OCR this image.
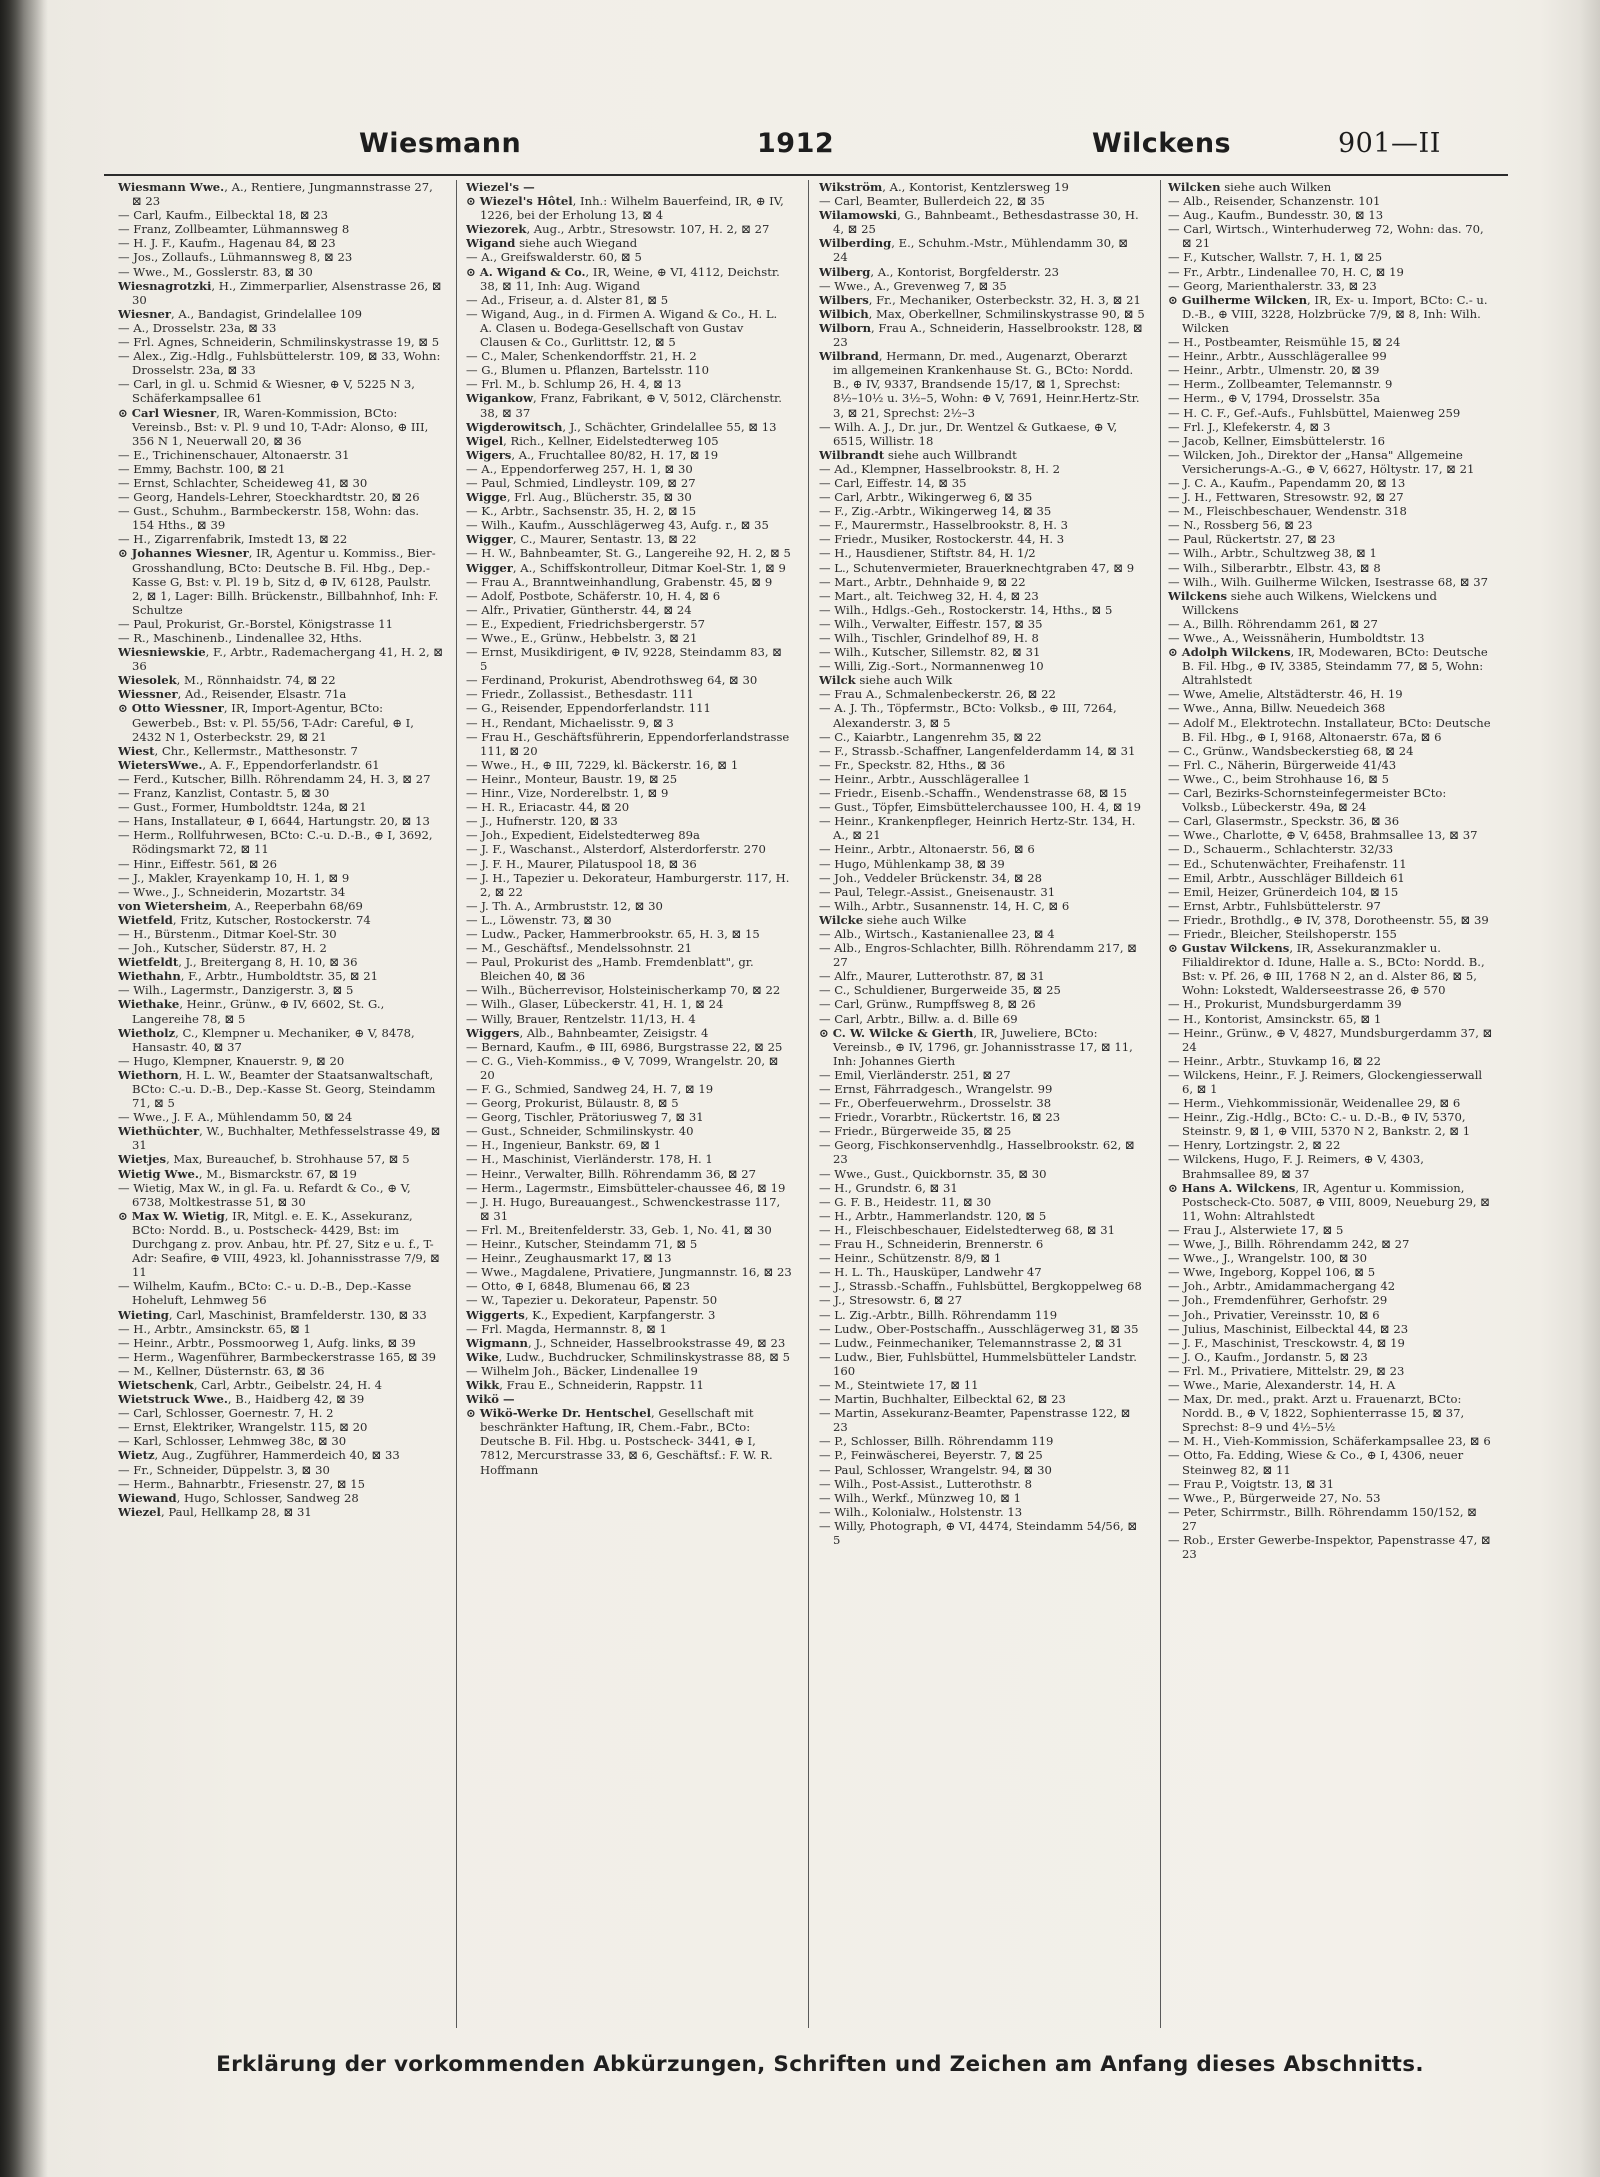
Wiesmann	1912	Wilckens	901—II

Wiesmann Wwe., A., Rentiere, Jungmannstrasse 27, ⊠ 23

— Carl, Kaufm., Eilbecktal 18, ⊠ 23

— Franz, Zollbeamter, Lühmannsweg 8

— H. J. F., Kaufm., Hagenau 84, ⊠ 23

— Jos., Zollaufs., Lühmannsweg 8, ⊠ 23

— Wwe., M., Gosslerstr. 83, ⊠ 30

Wiesnagrotzki, H., Zimmerparlier, Alsenstrasse 26, ⊠ 30

Wiesner, A., Bandagist, Grindelallee 109

— A., Drosselstr. 23a, ⊠ 33

— Frl. Agnes, Schneiderin, Schmilinskystrasse 19, ⊠ 5

— Alex., Zig.-Hdlg., Fuhlsbüttelerstr. 109, ⊠ 33, Wohn: Drosselstr. 23a, ⊠ 33

— Carl, in gl. u. Schmid & Wiesner, ⊕ V, 5225 N 3, Schäferkampsallee 61

⊙ Carl Wiesner, IR, Waren-Kommission, BCto: Vereinsb., Bst: v. Pl. 9 und 10, T-Adr: Alonso, ⊕ III, 356 N 1, Neuerwall 20, ⊠ 36

— E., Trichinenschauer, Altonaerstr. 31

— Emmy, Bachstr. 100, ⊠ 21

— Ernst, Schlachter, Scheideweg 41, ⊠ 30

— Georg, Handels-Lehrer, Stoeckhardtstr. 20, ⊠ 26

— Gust., Schuhm., Barmbeckerstr. 158, Wohn: das. 154 Hths., ⊠ 39

— H., Zigarrenfabrik, Imstedt 13, ⊠ 22

⊙ Johannes Wiesner, IR, Agentur u. Kommiss., Bier-Grosshandlung, BCto: Deutsche B. Fil. Hbg., Dep.-Kasse G, Bst: v. Pl. 19 b, Sitz d, ⊕ IV, 6128, Paulstr. 2, ⊠ 1, Lager: Billh. Brückenstr., Billbahnhof, Inh: F. Schultze

— Paul, Prokurist, Gr.-Borstel, Königstrasse 11

— R., Maschinenb., Lindenallee 32, Hths.

Wiesniewskie, F., Arbtr., Rademachergang 41, H. 2, ⊠ 36

Wiesolek, M., Rönnhaidstr. 74, ⊠ 22

Wiessner, Ad., Reisender, Elsastr. 71a

⊙ Otto Wiessner, IR, Import-Agentur, BCto: Gewerbeb., Bst: v. Pl. 55/56, T-Adr: Careful, ⊕ I, 2432 N 1, Osterbeckstr. 29, ⊠ 21

Wiest, Chr., Kellermstr., Matthesonstr. 7

WietersWwe., A. F., Eppendorferlandstr. 61

— Ferd., Kutscher, Billh. Röhrendamm 24, H. 3, ⊠ 27

— Franz, Kanzlist, Contastr. 5, ⊠ 30

— Gust., Former, Humboldtstr. 124a, ⊠ 21

— Hans, Installateur, ⊕ I, 6644, Hartungstr. 20, ⊠ 13

— Herm., Rollfuhrwesen, BCto: C.-u. D.-B., ⊕ I, 3692, Rödingsmarkt 72, ⊠ 11

— Hinr., Eiffestr. 561, ⊠ 26

— J., Makler, Krayenkamp 10, H. 1, ⊠ 9

— Wwe., J., Schneiderin, Mozartstr. 34

von Wietersheim, A., Reeperbahn 68/69

Wietfeld, Fritz, Kutscher, Rostockerstr. 74

— H., Bürstenm., Ditmar Koel-Str. 30

— Joh., Kutscher, Süderstr. 87, H. 2

Wietfeldt, J., Breitergang 8, H. 10, ⊠ 36

Wiethahn, F., Arbtr., Humboldtstr. 35, ⊠ 21

— Wilh., Lagermstr., Danzigerstr. 3, ⊠ 5

Wiethake, Heinr., Grünw., ⊕ IV, 6602, St. G., Langereihe 78, ⊠ 5

Wietholz, C., Klempner u. Mechaniker, ⊕ V, 8478, Hansastr. 40, ⊠ 37

— Hugo, Klempner, Knauerstr. 9, ⊠ 20

Wiethorn, H. L. W., Beamter der Staatsanwaltschaft, BCto: C.-u. D.-B., Dep.-Kasse St. Georg, Steindamm 71, ⊠ 5

— Wwe., J. F. A., Mühlendamm 50, ⊠ 24

Wiethüchter, W., Buchhalter, Methfesselstrasse 49, ⊠ 31

Wietjes, Max, Bureauchef, b. Strohhause 57, ⊠ 5

Wietig Wwe., M., Bismarckstr. 67, ⊠ 19

— Wietig, Max W., in gl. Fa. u. Refardt & Co., ⊕ V, 6738, Moltkestrasse 51, ⊠ 30

⊙ Max W. Wietig, IR, Mitgl. e. E. K., Assekuranz, BCto: Nordd. B., u. Postscheck- 4429, Bst: im Durchgang z. prov. Anbau, htr. Pf. 27, Sitz e u. f., T-Adr: Seafire, ⊕ VIII, 4923, kl. Johannisstrasse 7/9, ⊠ 11

— Wilhelm, Kaufm., BCto: C.- u. D.-B., Dep.-Kasse Hoheluft, Lehmweg 56

Wieting, Carl, Maschinist, Bramfelderstr. 130, ⊠ 33

— H., Arbtr., Amsinckstr. 65, ⊠ 1

— Heinr., Arbtr., Possmoorweg 1, Aufg. links, ⊠ 39

— Herm., Wagenführer, Barmbeckerstrasse 165, ⊠ 39

— M., Kellner, Düsternstr. 63, ⊠ 36

Wietschenk, Carl, Arbtr., Geibelstr. 24, H. 4

Wietstruck Wwe., B., Haidberg 42, ⊠ 39

— Carl, Schlosser, Goernestr. 7, H. 2

— Ernst, Elektriker, Wrangelstr. 115, ⊠ 20

— Karl, Schlosser, Lehmweg 38c, ⊠ 30

Wietz, Aug., Zugführer, Hammerdeich 40, ⊠ 33

— Fr., Schneider, Düppelstr. 3, ⊠ 30

— Herm., Bahnarbtr., Friesenstr. 27, ⊠ 15

Wiewand, Hugo, Schlosser, Sandweg 28

Wiezel, Paul, Hellkamp 28, ⊠ 31

Wiezel's —

⊙ Wiezel's Hôtel, Inh.: Wilhelm Bauerfeind, IR, ⊕ IV, 1226, bei der Erholung 13, ⊠ 4

Wiezorek, Aug., Arbtr., Stresowstr. 107, H. 2, ⊠ 27

Wigand siehe auch Wiegand

— A., Greifswalderstr. 60, ⊠ 5

⊙ A. Wigand & Co., IR, Weine, ⊕ VI, 4112, Deichstr. 38, ⊠ 11, Inh: Aug. Wigand

— Ad., Friseur, a. d. Alster 81, ⊠ 5

— Wigand, Aug., in d. Firmen A. Wigand & Co., H. L. A. Clasen u. Bodega-Gesellschaft von Gustav Clausen & Co., Gurlittstr. 12, ⊠ 5

— C., Maler, Schenkendorffstr. 21, H. 2

— G., Blumen u. Pflanzen, Bartelsstr. 110

— Frl. M., b. Schlump 26, H. 4, ⊠ 13

Wigankow, Franz, Fabrikant, ⊕ V, 5012, Clärchenstr. 38, ⊠ 37

Wigderowitsch, J., Schächter, Grindelallee 55, ⊠ 13

Wigel, Rich., Kellner, Eidelstedterweg 105

Wigers, A., Fruchtallee 80/82, H. 17, ⊠ 19

— A., Eppendorferweg 257, H. 1, ⊠ 30

— Paul, Schmied, Lindleystr. 109, ⊠ 27

Wigge, Frl. Aug., Blücherstr. 35, ⊠ 30

— K., Arbtr., Sachsenstr. 35, H. 2, ⊠ 15

— Wilh., Kaufm., Ausschlägerweg 43, Aufg. r., ⊠ 35

Wigger, C., Maurer, Sentastr. 13, ⊠ 22

— H. W., Bahnbeamter, St. G., Langereihe 92, H. 2, ⊠ 5

Wigger, A., Schiffskontrolleur, Ditmar Koel-Str. 1, ⊠ 9

— Frau A., Branntweinhandlung, Grabenstr. 45, ⊠ 9

— Adolf, Postbote, Schäferstr. 10, H. 4, ⊠ 6

— Alfr., Privatier, Güntherstr. 44, ⊠ 24

— E., Expedient, Friedrichsbergerstr. 57

— Wwe., E., Grünw., Hebbelstr. 3, ⊠ 21

— Ernst, Musikdirigent, ⊕ IV, 9228, Steindamm 83, ⊠ 5

— Ferdinand, Prokurist, Abendrothsweg 64, ⊠ 30

— Friedr., Zollassist., Bethesdastr. 111

— G., Reisender, Eppendorferlandstr. 111

— H., Rendant, Michaelisstr. 9, ⊠ 3

— Frau H., Geschäftsführerin, Eppendorferlandstrasse 111, ⊠ 20

— Wwe., H., ⊕ III, 7229, kl. Bäckerstr. 16, ⊠ 1

— Heinr., Monteur, Baustr. 19, ⊠ 25

— Hinr., Vize, Norderelbstr. 1, ⊠ 9

— H. R., Eriacastr. 44, ⊠ 20

— J., Hufnerstr. 120, ⊠ 33

— Joh., Expedient, Eidelstedterweg 89a

— J. F., Waschanst., Alsterdorf, Alsterdorferstr. 270

— J. F. H., Maurer, Pilatuspool 18, ⊠ 36

— J. H., Tapezier u. Dekorateur, Hamburgerstr. 117, H. 2, ⊠ 22

— J. Th. A., Armbruststr. 12, ⊠ 30

— L., Löwenstr. 73, ⊠ 30

— Ludw., Packer, Hammerbrookstr. 65, H. 3, ⊠ 15

— M., Geschäftsf., Mendelssohnstr. 21

— Paul, Prokurist des „Hamb. Fremdenblatt", gr. Bleichen 40, ⊠ 36

— Wilh., Bücherrevisor, Holsteinischerkamp 70, ⊠ 22

— Wilh., Glaser, Lübeckerstr. 41, H. 1, ⊠ 24

— Willy, Brauer, Rentzelstr. 11/13, H. 4

Wiggers, Alb., Bahnbeamter, Zeisigstr. 4

— Bernard, Kaufm., ⊕ III, 6986, Burgstrasse 22, ⊠ 25

— C. G., Vieh-Kommiss., ⊕ V, 7099, Wrangelstr. 20, ⊠ 20

— F. G., Schmied, Sandweg 24, H. 7, ⊠ 19

— Georg, Prokurist, Bülaustr. 8, ⊠ 5

— Georg, Tischler, Prätoriusweg 7, ⊠ 31

— Gust., Schneider, Schmilinskystr. 40

— H., Ingenieur, Bankstr. 69, ⊠ 1

— H., Maschinist, Vierländerstr. 178, H. 1

— Heinr., Verwalter, Billh. Röhrendamm 36, ⊠ 27

— Herm., Lagermstr., Eimsbütteler-chaussee 46, ⊠ 19

— J. H. Hugo, Bureauangest., Schwenckestrasse 117, ⊠ 31

— Frl. M., Breitenfelderstr. 33, Geb. 1, No. 41, ⊠ 30

— Heinr., Kutscher, Steindamm 71, ⊠ 5

— Heinr., Zeughausmarkt 17, ⊠ 13

— Wwe., Magdalene, Privatiere, Jungmannstr. 16, ⊠ 23

— Otto, ⊕ I, 6848, Blumenau 66, ⊠ 23

— W., Tapezier u. Dekorateur, Papenstr. 50

Wiggerts, K., Expedient, Karpfangerstr. 3

— Frl. Magda, Hermannstr. 8, ⊠ 1

Wigmann, J., Schneider, Hasselbrookstrasse 49, ⊠ 23

Wike, Ludw., Buchdrucker, Schmilinskystrasse 88, ⊠ 5

— Wilhelm Joh., Bäcker, Lindenallee 19

Wikk, Frau E., Schneiderin, Rappstr. 11

Wikö —

⊙ Wikö-Werke Dr. Hentschel, Gesellschaft mit beschränkter Haftung, IR, Chem.-Fabr., BCto: Deutsche B. Fil. Hbg. u. Postscheck- 3441, ⊕ I, 7812, Mercurstrasse 33, ⊠ 6, Geschäftsf.: F. W. R. Hoffmann

Wikström, A., Kontorist, Kentzlersweg 19

— Carl, Beamter, Bullerdeich 22, ⊠ 35

Wilamowski, G., Bahnbeamt., Bethesdastrasse 30, H. 4, ⊠ 25

Wilberding, E., Schuhm.-Mstr., Mühlendamm 30, ⊠ 24

Wilberg, A., Kontorist, Borgfelderstr. 23

— Wwe., A., Grevenweg 7, ⊠ 35

Wilbers, Fr., Mechaniker, Osterbeckstr. 32, H. 3, ⊠ 21

Wilbich, Max, Oberkellner, Schmilinskystrasse 90, ⊠ 5

Wilborn, Frau A., Schneiderin, Hasselbrookstr. 128, ⊠ 23

Wilbrand, Hermann, Dr. med., Augenarzt, Oberarzt im allgemeinen Krankenhause St. G., BCto: Nordd. B., ⊕ IV, 9337, Brandsende 15/17, ⊠ 1, Sprechst: 8½–10½ u. 3½–5, Wohn: ⊕ V, 7691, Heinr.Hertz-Str. 3, ⊠ 21, Sprechst: 2½–3

— Wilh. A. J., Dr. jur., Dr. Wentzel & Gutkaese, ⊕ V, 6515, Willistr. 18

Wilbrandt siehe auch Willbrandt

— Ad., Klempner, Hasselbrookstr. 8, H. 2

— Carl, Eiffestr. 14, ⊠ 35

— Carl, Arbtr., Wikingerweg 6, ⊠ 35

— F., Zig.-Arbtr., Wikingerweg 14, ⊠ 35

— F., Maurermstr., Hasselbrookstr. 8, H. 3

— Friedr., Musiker, Rostockerstr. 44, H. 3

— H., Hausdiener, Stiftstr. 84, H. 1/2

— L., Schutenvermieter, Brauerknechtgraben 47, ⊠ 9

— Mart., Arbtr., Dehnhaide 9, ⊠ 22

— Mart., alt. Teichweg 32, H. 4, ⊠ 23

— Wilh., Hdlgs.-Geh., Rostockerstr. 14, Hths., ⊠ 5

— Wilh., Verwalter, Eiffestr. 157, ⊠ 35

— Wilh., Tischler, Grindelhof 89, H. 8

— Wilh., Kutscher, Sillemstr. 82, ⊠ 31

— Willi, Zig.-Sort., Normannenweg 10

Wilck siehe auch Wilk

— Frau A., Schmalenbeckerstr. 26, ⊠ 22

— A. J. Th., Töpfermstr., BCto: Volksb., ⊕ III, 7264, Alexanderstr. 3, ⊠ 5

— C., Kaiarbtr., Langenrehm 35, ⊠ 22

— F., Strassb.-Schaffner, Langenfelderdamm 14, ⊠ 31

— Fr., Speckstr. 82, Hths., ⊠ 36

— Heinr., Arbtr., Ausschlägerallee 1

— Friedr., Eisenb.-Schaffn., Wendenstrasse 68, ⊠ 15

— Gust., Töpfer, Eimsbüttelerchaussee 100, H. 4, ⊠ 19

— Heinr., Krankenpfleger, Heinrich Hertz-Str. 134, H. A., ⊠ 21

— Heinr., Arbtr., Altonaerstr. 56, ⊠ 6

— Hugo, Mühlenkamp 38, ⊠ 39

— Joh., Veddeler Brückenstr. 34, ⊠ 28

— Paul, Telegr.-Assist., Gneisenaustr. 31

— Wilh., Arbtr., Susannenstr. 14, H. C, ⊠ 6

Wilcke siehe auch Wilke

— Alb., Wirtsch., Kastanienallee 23, ⊠ 4

— Alb., Engros-Schlachter, Billh. Röhrendamm 217, ⊠ 27

— Alfr., Maurer, Lutterothstr. 87, ⊠ 31

— C., Schuldiener, Burgerweide 35, ⊠ 25

— Carl, Grünw., Rumpffsweg 8, ⊠ 26

— Carl, Arbtr., Billw. a. d. Bille 69

⊙ C. W. Wilcke & Gierth, IR, Juweliere, BCto: Vereinsb., ⊕ IV, 1796, gr. Johannisstrasse 17, ⊠ 11, Inh: Johannes Gierth

— Emil, Vierländerstr. 251, ⊠ 27

— Ernst, Fährradgesch., Wrangelstr. 99

— Fr., Oberfeuerwehrm., Drosselstr. 38

— Friedr., Vorarbtr., Rückertstr. 16, ⊠ 23

— Friedr., Bürgerweide 35, ⊠ 25

— Georg, Fischkonservenhdlg., Hasselbrookstr. 62, ⊠ 23

— Wwe., Gust., Quickbornstr. 35, ⊠ 30

— H., Grundstr. 6, ⊠ 31

— G. F. B., Heidestr. 11, ⊠ 30

— H., Arbtr., Hammerlandstr. 120, ⊠ 5

— H., Fleischbeschauer, Eidelstedterweg 68, ⊠ 31

— Frau H., Schneiderin, Brennerstr. 6

— Heinr., Schützenstr. 8/9, ⊠ 1

— H. L. Th., Hausküper, Landwehr 47

— J., Strassb.-Schaffn., Fuhlsbüttel, Bergkoppelweg 68

— J., Stresowstr. 6, ⊠ 27

— L. Zig.-Arbtr., Billh. Röhrendamm 119

— Ludw., Ober-Postschaffn., Ausschlägerweg 31, ⊠ 35

— Ludw., Feinmechaniker, Telemannstrasse 2, ⊠ 31

— Ludw., Bier, Fuhlsbüttel, Hummelsbütteler Landstr. 160

— M., Steintwiete 17, ⊠ 11

— Martin, Buchhalter, Eilbecktal 62, ⊠ 23

— Martin, Assekuranz-Beamter, Papenstrasse 122, ⊠ 23

— P., Schlosser, Billh. Röhrendamm 119

— P., Feinwäscherei, Beyerstr. 7, ⊠ 25

— Paul, Schlosser, Wrangelstr. 94, ⊠ 30

— Wilh., Post-Assist., Lutterothstr. 8

— Wilh., Werkf., Münzweg 10, ⊠ 1

— Wilh., Kolonialw., Holstenstr. 13

— Willy, Photograph, ⊕ VI, 4474, Steindamm 54/56, ⊠ 5

Wilcken siehe auch Wilken

— Alb., Reisender, Schanzenstr. 101

— Aug., Kaufm., Bundesstr. 30, ⊠ 13

— Carl, Wirtsch., Winterhuderweg 72, Wohn: das. 70, ⊠ 21

— F., Kutscher, Wallstr. 7, H. 1, ⊠ 25

— Fr., Arbtr., Lindenallee 70, H. C, ⊠ 19

— Georg, Marienthalerstr. 33, ⊠ 23

⊙ Guilherme Wilcken, IR, Ex- u. Import, BCto: C.- u. D.-B., ⊕ VIII, 3228, Holzbrücke 7/9, ⊠ 8, Inh: Wilh. Wilcken

— H., Postbeamter, Reismühle 15, ⊠ 24

— Heinr., Arbtr., Ausschlägerallee 99

— Heinr., Arbtr., Ulmenstr. 20, ⊠ 39

— Herm., Zollbeamter, Telemannstr. 9

— Herm., ⊕ V, 1794, Drosselstr. 35a

— H. C. F., Gef.-Aufs., Fuhlsbüttel, Maienweg 259

— Frl. J., Klefekerstr. 4, ⊠ 3

— Jacob, Kellner, Eimsbüttelerstr. 16

— Wilcken, Joh., Direktor der „Hansa" Allgemeine Versicherungs-A.-G., ⊕ V, 6627, Höltystr. 17, ⊠ 21

— J. C. A., Kaufm., Papendamm 20, ⊠ 13

— J. H., Fettwaren, Stresowstr. 92, ⊠ 27

— M., Fleischbeschauer, Wendenstr. 318

— N., Rossberg 56, ⊠ 23

— Paul, Rückertstr. 27, ⊠ 23

— Wilh., Arbtr., Schultzweg 38, ⊠ 1

— Wilh., Silberarbtr., Elbstr. 43, ⊠ 8

— Wilh., Wilh. Guilherme Wilcken, Isestrasse 68, ⊠ 37

Wilckens siehe auch Wilkens, Wielckens und Willckens

— A., Billh. Röhrendamm 261, ⊠ 27

— Wwe., A., Weissnäherin, Humboldtstr. 13

⊙ Adolph Wilckens, IR, Modewaren, BCto: Deutsche B. Fil. Hbg., ⊕ IV, 3385, Steindamm 77, ⊠ 5, Wohn: Altrahlstedt

— Wwe, Amelie, Altstädterstr. 46, H. 19

— Wwe., Anna, Billw. Neuedeich 368

— Adolf M., Elektrotechn. Installateur, BCto: Deutsche B. Fil. Hbg., ⊕ I, 9168, Altonaerstr. 67a, ⊠ 6

— C., Grünw., Wandsbeckerstieg 68, ⊠ 24

— Frl. C., Näherin, Bürgerweide 41/43

— Wwe., C., beim Strohhause 16, ⊠ 5

— Carl, Bezirks-Schornsteinfegermeister BCto: Volksb., Lübeckerstr. 49a, ⊠ 24

— Carl, Glasermstr., Speckstr. 36, ⊠ 36

— Wwe., Charlotte, ⊕ V, 6458, Brahmsallee 13, ⊠ 37

— D., Schauerm., Schlachterstr. 32/33

— Ed., Schutenwächter, Freihafenstr. 11

— Emil, Arbtr., Ausschläger Billdeich 61

— Emil, Heizer, Grünerdeich 104, ⊠ 15

— Ernst, Arbtr., Fuhlsbüttelerstr. 97

— Friedr., Brothdlg., ⊕ IV, 378, Dorotheenstr. 55, ⊠ 39

— Friedr., Bleicher, Steilshoperstr. 155

⊙ Gustav Wilckens, IR, Assekuranzmakler u. Filialdirektor d. Idune, Halle a. S., BCto: Nordd. B., Bst: v. Pf. 26, ⊕ III, 1768 N 2, an d. Alster 86, ⊠ 5, Wohn: Lokstedt, Walderseestrasse 26, ⊕ 570

— H., Prokurist, Mundsburgerdamm 39

— H., Kontorist, Amsinckstr. 65, ⊠ 1

— Heinr., Grünw., ⊕ V, 4827, Mundsburgerdamm 37, ⊠ 24

— Heinr., Arbtr., Stuvkamp 16, ⊠ 22

— Wilckens, Heinr., F. J. Reimers, Glockengiesserwall 6, ⊠ 1

— Herm., Viehkommissionär, Weidenallee 29, ⊠ 6

— Heinr., Zig.-Hdlg., BCto: C.- u. D.-B., ⊕ IV, 5370, Steinstr. 9, ⊠ 1, ⊕ VIII, 5370 N 2, Bankstr. 2, ⊠ 1

— Henry, Lortzingstr. 2, ⊠ 22

— Wilckens, Hugo, F. J. Reimers, ⊕ V, 4303, Brahmsallee 89, ⊠ 37

⊙ Hans A. Wilckens, IR, Agentur u. Kommission, Postscheck-Cto. 5087, ⊕ VIII, 8009, Neueburg 29, ⊠ 11, Wohn: Altrahlstedt

— Frau J., Alsterwiete 17, ⊠ 5

— Wwe, J., Billh. Röhrendamm 242, ⊠ 27

— Wwe., J., Wrangelstr. 100, ⊠ 30

— Wwe, Ingeborg, Koppel 106, ⊠ 5

— Joh., Arbtr., Amidammachergang 42

— Joh., Fremdenführer, Gerhofstr. 29

— Joh., Privatier, Vereinsstr. 10, ⊠ 6

— Julius, Maschinist, Eilbecktal 44, ⊠ 23

— J. F., Maschinist, Tresckowstr. 4, ⊠ 19

— J. O., Kaufm., Jordanstr. 5, ⊠ 23

— Frl. M., Privatiere, Mittelstr. 29, ⊠ 23

— Wwe., Marie, Alexanderstr. 14, H. A

— Max, Dr. med., prakt. Arzt u. Frauenarzt, BCto: Nordd. B., ⊕ V, 1822, Sophienterrasse 15, ⊠ 37, Sprechst: 8–9 und 4½–5½

— M. H., Vieh-Kommission, Schäferkampsallee 23, ⊠ 6

— Otto, Fa. Edding, Wiese & Co., ⊕ I, 4306, neuer Steinweg 82, ⊠ 11

— Frau P., Voigtstr. 13, ⊠ 31

— Wwe., P., Bürgerweide 27, No. 53

— Peter, Schirrmstr., Billh. Röhrendamm 150/152, ⊠ 27

— Rob., Erster Gewerbe-Inspektor, Papenstrasse 47, ⊠ 23

Erklärung der vorkommenden Abkürzungen, Schriften und Zeichen am Anfang dieses Abschnitts.
